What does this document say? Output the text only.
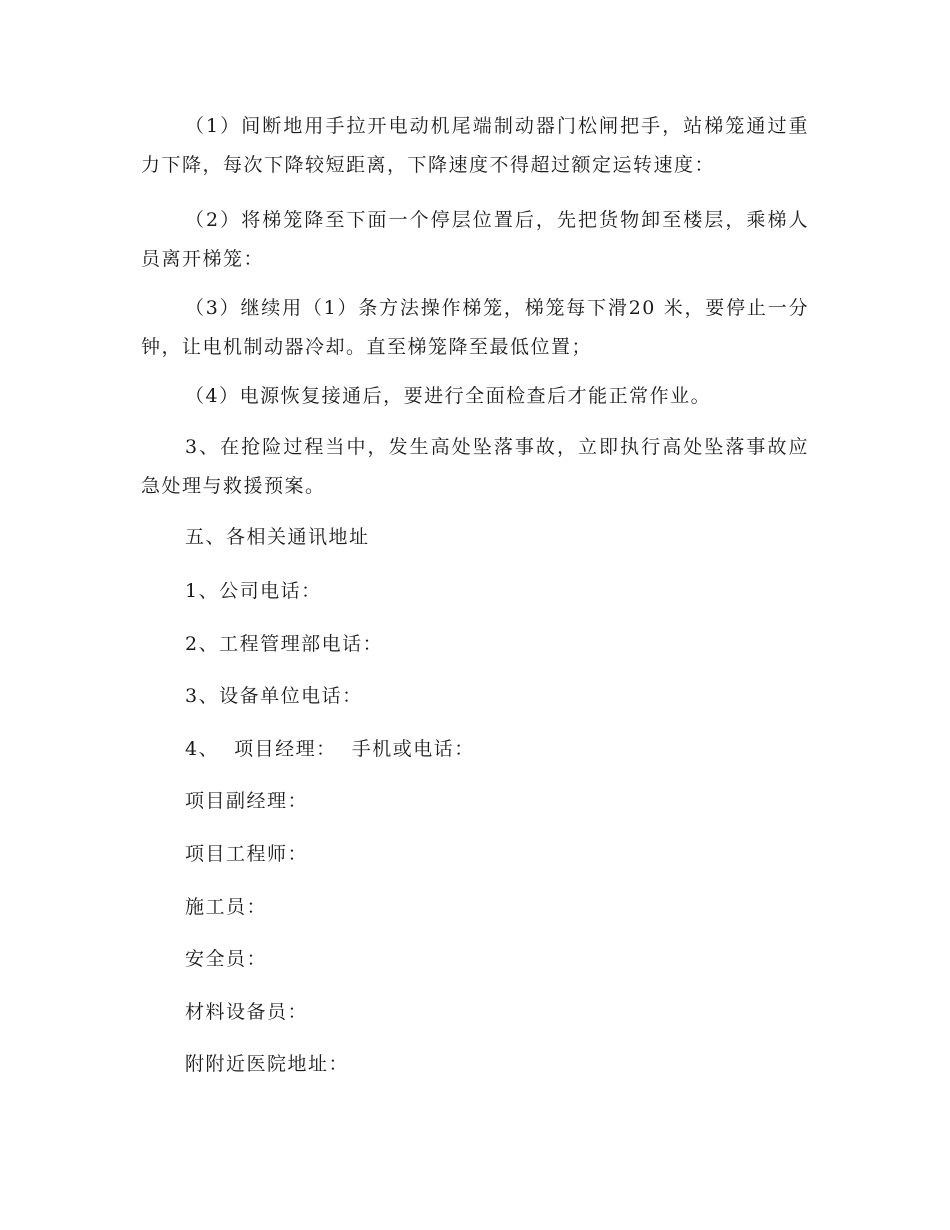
（1）间断地用手拉开电动机尾端制动器门松闸把手，站梯笼通过重力下降，每次下降较短距离，下降速度不得超过额定运转速度：

（2）将梯笼降至下面一个停层位置后，先把货物卸至楼层，乘梯人员离开梯笼：

（3）继续用（1）条方法操作梯笼，梯笼每下滑20 米，要停止一分钟，让电机制动器冷却。直至梯笼降至最低位置；

（4）电源恢复接通后，要进行全面检查后才能正常作业。

3、在抢险过程当中，发生高处坠落事故，立即执行高处坠落事故应急处理与救援预案。

五、各相关通讯地址

1、公司电话：

2、工程管理部电话：

3、设备单位电话：

4、  项目经理：  手机或电话：

项目副经理：

项目工程师：

施工员：

安全员：

材料设备员：

附附近医院地址：
